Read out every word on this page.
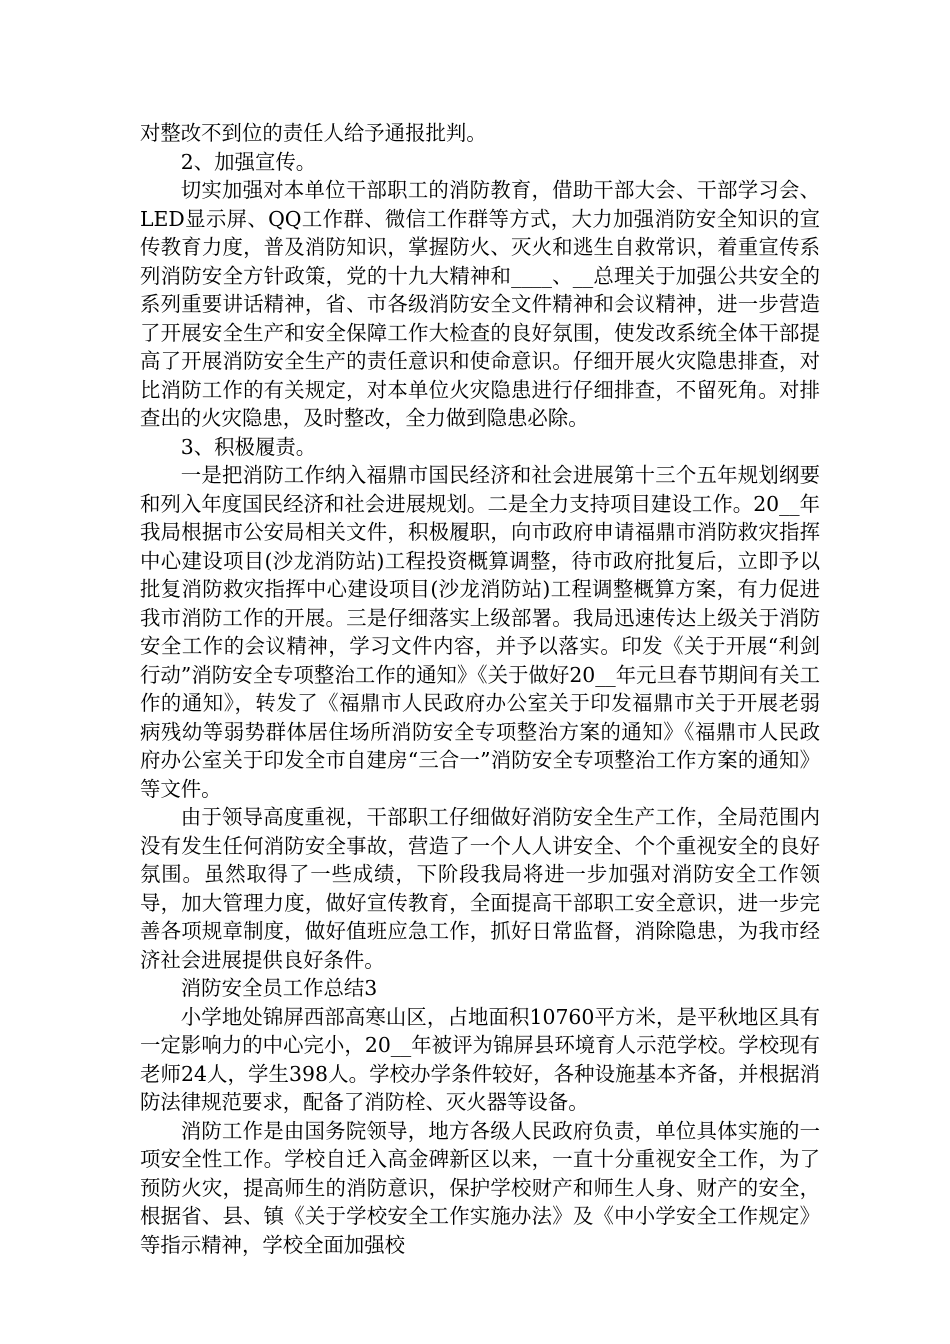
对整改不到位的责任人给予通报批判。

2、加强宣传。

切实加强对本单位干部职工的消防教育，借助干部大会、干部学习会、LED显示屏、QQ工作群、微信工作群等方式，大力加强消防安全知识的宣传教育力度，普及消防知识，掌握防火、灭火和逃生自救常识，着重宣传系列消防安全方针政策，党的十九大精神和____、__总理关于加强公共安全的系列重要讲话精神，省、市各级消防安全文件精神和会议精神，进一步营造了开展安全生产和安全保障工作大检查的良好氛围，使发改系统全体干部提高了开展消防安全生产的责任意识和使命意识。仔细开展火灾隐患排查，对比消防工作的有关规定，对本单位火灾隐患进行仔细排查，不留死角。对排查出的火灾隐患，及时整改，全力做到隐患必除。

3、积极履责。

一是把消防工作纳入福鼎市国民经济和社会进展第十三个五年规划纲要和列入年度国民经济和社会进展规划。二是全力支持项目建设工作。20__年我局根据市公安局相关文件，积极履职，向市政府申请福鼎市消防救灾指挥中心建设项目(沙龙消防站)工程投资概算调整，待市政府批复后，立即予以批复消防救灾指挥中心建设项目(沙龙消防站)工程调整概算方案，有力促进我市消防工作的开展。三是仔细落实上级部署。我局迅速传达上级关于消防安全工作的会议精神，学习文件内容，并予以落实。印发《关于开展“利剑行动”消防安全专项整治工作的通知》《关于做好20__年元旦春节期间有关工作的通知》，转发了《福鼎市人民政府办公室关于印发福鼎市关于开展老弱病残幼等弱势群体居住场所消防安全专项整治方案的通知》《福鼎市人民政府办公室关于印发全市自建房“三合一”消防安全专项整治工作方案的通知》等文件。

由于领导高度重视，干部职工仔细做好消防安全生产工作，全局范围内没有发生任何消防安全事故，营造了一个人人讲安全、个个重视安全的良好氛围。虽然取得了一些成绩，下阶段我局将进一步加强对消防安全工作领导，加大管理力度，做好宣传教育，全面提高干部职工安全意识，进一步完善各项规章制度，做好值班应急工作，抓好日常监督，消除隐患，为我市经济社会进展提供良好条件。

消防安全员工作总结3

小学地处锦屏西部高寒山区，占地面积10760平方米，是平秋地区具有一定影响力的中心完小，20__年被评为锦屏县环境育人示范学校。学校现有老师24人，学生398人。学校办学条件较好，各种设施基本齐备，并根据消防法律规范要求，配备了消防栓、灭火器等设备。

消防工作是由国务院领导，地方各级人民政府负责，单位具体实施的一项安全性工作。学校自迁入高金碑新区以来，一直十分重视安全工作，为了预防火灾，提高师生的消防意识，保护学校财产和师生人身、财产的安全，根据省、县、镇《关于学校安全工作实施办法》及《中小学安全工作规定》等指示精神，学校全面加强校
